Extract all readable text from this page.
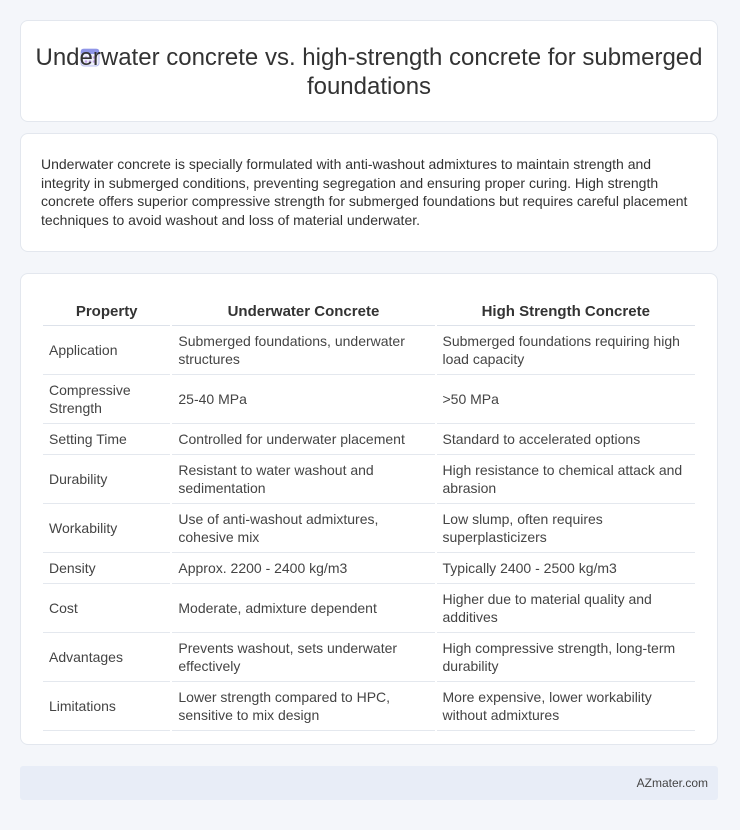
Underwater concrete vs. high-strength concrete for submerged foundations
Underwater concrete is specially formulated with anti-washout admixtures to maintain strength and integrity in submerged conditions, preventing segregation and ensuring proper curing. High strength concrete offers superior compressive strength for submerged foundations but requires careful placement techniques to avoid washout and loss of material underwater.
Property	Underwater Concrete	High Strength Concrete
Application	Submerged foundations, underwater structures	Submerged foundations requiring high load capacity
Compressive Strength	25-40 MPa	>50 MPa
Setting Time	Controlled for underwater placement	Standard to accelerated options
Durability	Resistant to water washout and sedimentation	High resistance to chemical attack and abrasion
Workability	Use of anti-washout admixtures, cohesive mix	Low slump, often requires superplasticizers
Density	Approx. 2200 - 2400 kg/m3	Typically 2400 - 2500 kg/m3
Cost	Moderate, admixture dependent	Higher due to material quality and additives
Advantages	Prevents washout, sets underwater effectively	High compressive strength, long-term durability
Limitations	Lower strength compared to HPC, sensitive to mix design	More expensive, lower workability without admixtures
AZmater.com
